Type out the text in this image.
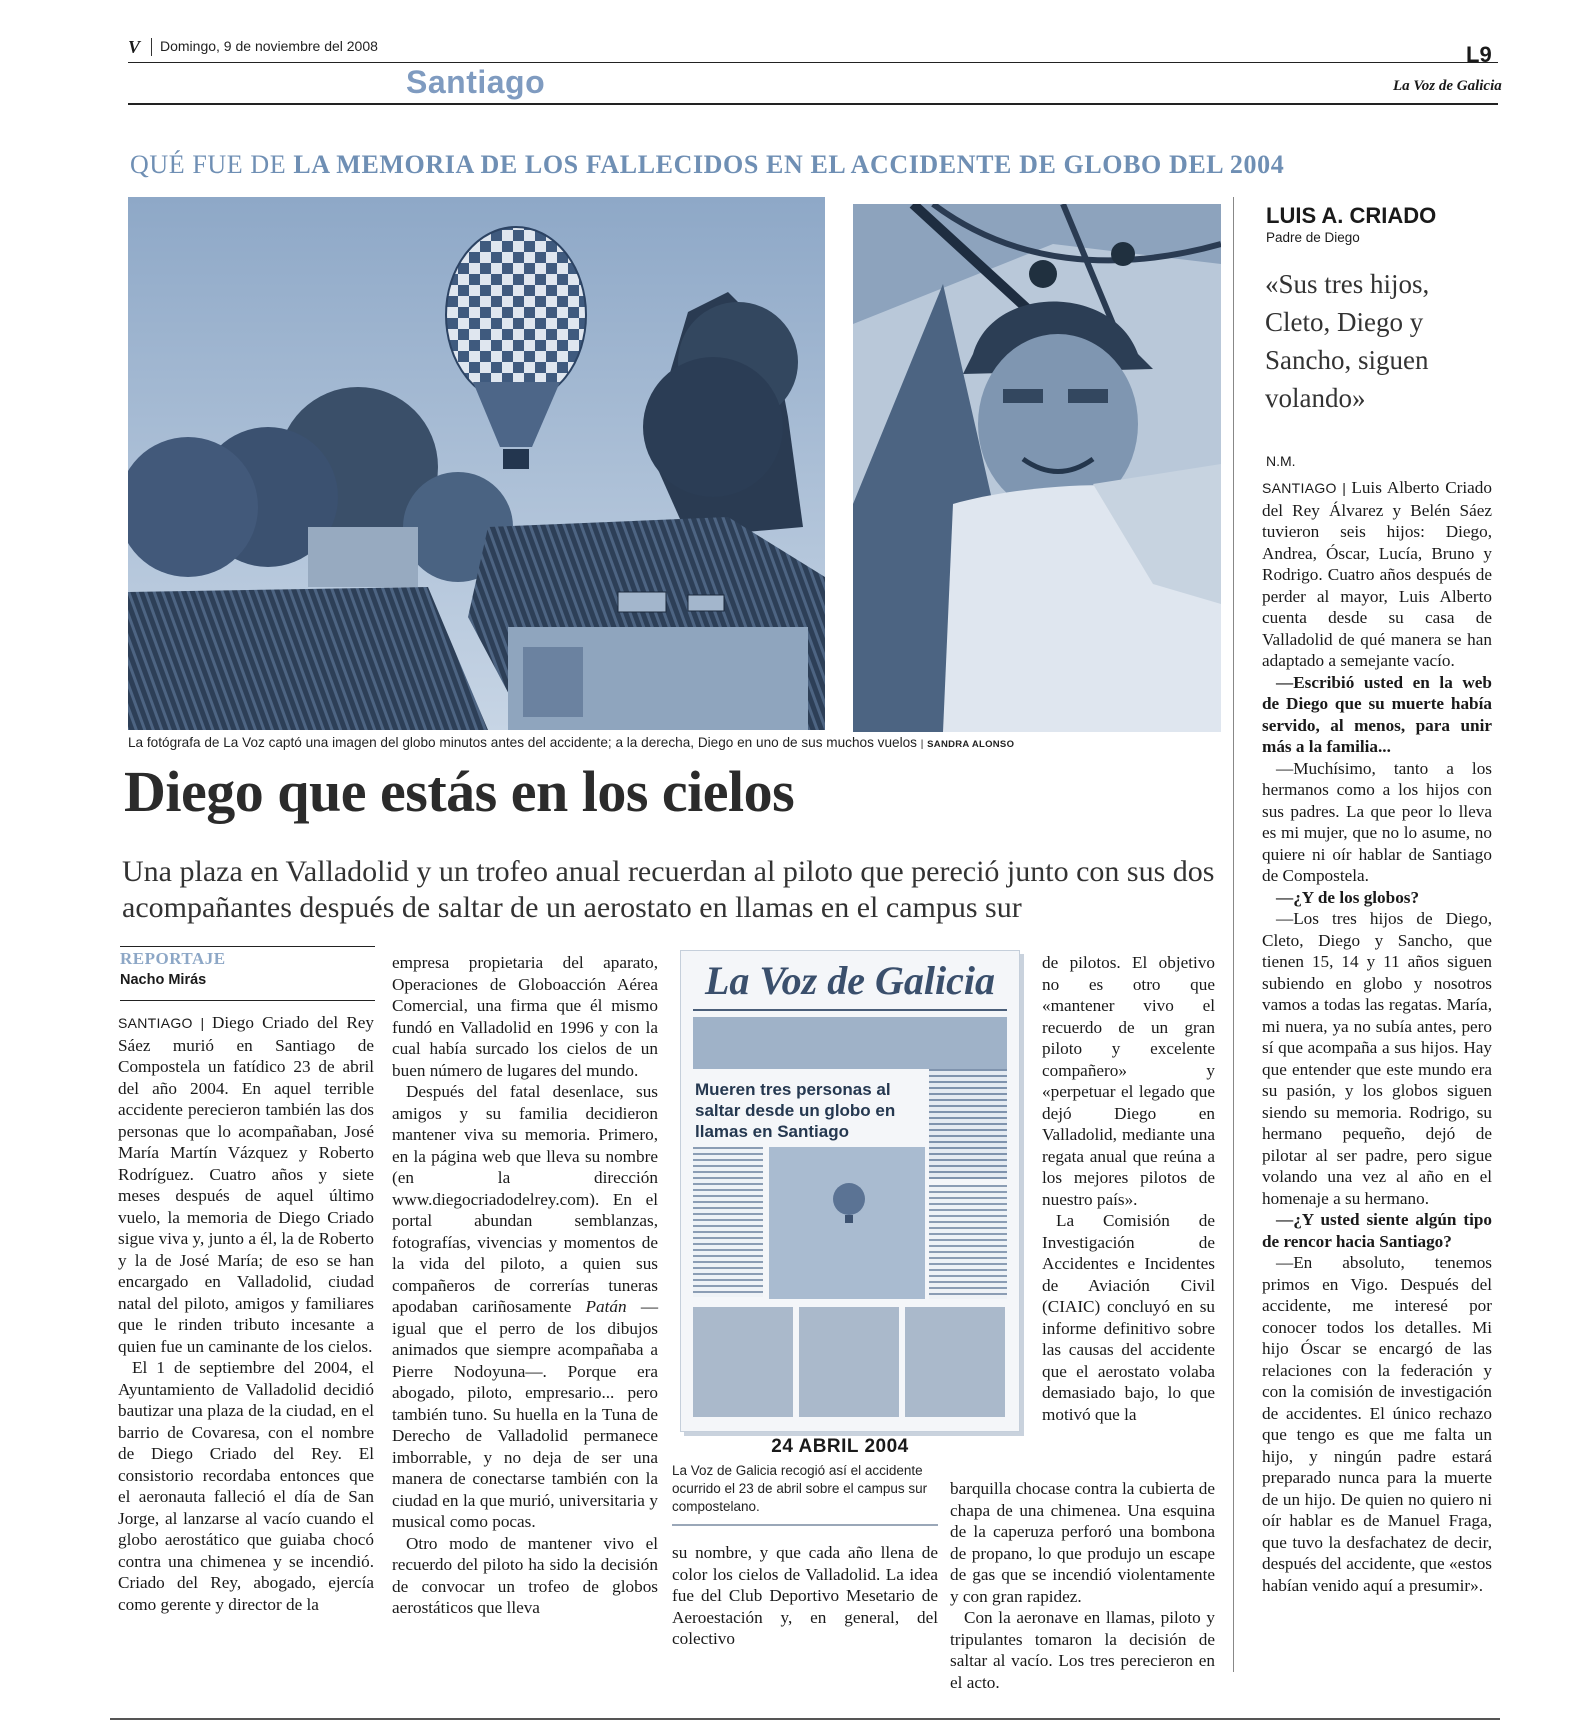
V Domingo, 9 de noviembre del 2008	L9
Santiago	La Voz de Galicia
QUÉ FUE DE LA MEMORIA DE LOS FALLECIDOS EN EL ACCIDENTE DE GLOBO DEL 2004
La fotógrafa de La Voz captó una imagen del globo minutos antes del accidente; a la derecha, Diego en uno de sus muchos vuelos | SANDRA ALONSO
Diego que estás en los cielos
Una plaza en Valladolid y un trofeo anual recuerdan al piloto que pereció junto con sus dos acompañantes después de saltar de un aerostato en llamas en el campus sur
REPORTAJE
Nacho Mirás

SANTIAGO | Diego Criado del Rey Sáez murió en Santiago de Compostela un fatídico 23 de abril del año 2004. En aquel terrible accidente perecieron también las dos personas que lo acompañaban, José María Martín Vázquez y Roberto Rodríguez. Cuatro años y siete meses después de aquel último vuelo, la memoria de Diego Criado sigue viva y, junto a él, la de Roberto y la de José María; de eso se han encargado en Valladolid, ciudad natal del piloto, amigos y familiares que le rinden tributo incesante a quien fue un caminante de los cielos.

El 1 de septiembre del 2004, el Ayuntamiento de Valladolid decidió bautizar una plaza de la ciudad, en el barrio de Covaresa, con el nombre de Diego Criado del Rey. El consistorio recordaba entonces que el aeronauta falleció el día de San Jorge, al lanzarse al vacío cuando el globo aerostático que guiaba chocó contra una chimenea y se incendió. Criado del Rey, abogado, ejercía como gerente y director de la

empresa propietaria del aparato, Operaciones de Globoacción Aérea Comercial, una firma que él mismo fundó en Valladolid en 1996 y con la cual había surcado los cielos de un buen número de lugares del mundo.

Después del fatal desenlace, sus amigos y su familia decidieron mantener viva su memoria. Primero, en la página web que lleva su nombre (en la dirección www.diegocriadodelrey.com). En el portal abundan semblanzas, fotografías, vivencias y momentos de la vida del piloto, a quien sus compañeros de correrías tuneras apodaban cariñosamente Patán —igual que el perro de los dibujos animados que siempre acompañaba a Pierre Nodoyuna—. Porque era abogado, piloto, empresario... pero también tuno. Su huella en la Tuna de Derecho de Valladolid permanece imborrable, y no deja de ser una manera de conectarse también con la ciudad en la que murió, universitaria y musical como pocas.

Otro modo de mantener vivo el recuerdo del piloto ha sido la decisión de convocar un trofeo de globos aerostáticos que lleva

La Voz de Galicia
Mueren tres personas al saltar desde un globo en llamas en Santiago
24 ABRIL 2004
La Voz de Galicia recogió así el accidente ocurrido el 23 de abril sobre el campus sur compostelano.

su nombre, y que cada año llena de color los cielos de Valladolid. La idea fue del Club Deportivo Mesetario de Aeroestación y, en general, del colectivo

de pilotos. El objetivo no es otro que «mantener vivo el recuerdo de un gran piloto y excelente compañero» y «perpetuar el legado que dejó Diego en Valladolid, mediante una regata anual que reúna a los mejores pilotos de nuestro país».

La Comisión de Investigación de Accidentes e Incidentes de Aviación Civil (CIAIC) concluyó en su informe definitivo sobre las causas del accidente que el aerostato volaba demasiado bajo, lo que motivó que la

barquilla chocase contra la cubierta de chapa de una chimenea. Una esquina de la caperuza perforó una bombona de propano, lo que produjo un escape de gas que se incendió violentamente y con gran rapidez.

Con la aeronave en llamas, piloto y tripulantes tomaron la decisión de saltar al vacío. Los tres perecieron en el acto.

LUIS A. CRIADO
Padre de Diego
«Sus tres hijos, Cleto, Diego y Sancho, siguen volando»
N.M.

SANTIAGO | Luis Alberto Criado del Rey Álvarez y Belén Sáez tuvieron seis hijos: Diego, Andrea, Óscar, Lucía, Bruno y Rodrigo. Cuatro años después de perder al mayor, Luis Alberto cuenta desde su casa de Valladolid de qué manera se han adaptado a semejante vacío.

—Escribió usted en la web de Diego que su muerte había servido, al menos, para unir más a la familia...

—Muchísimo, tanto a los hermanos como a los hijos con sus padres. La que peor lo lleva es mi mujer, que no lo asume, no quiere ni oír hablar de Santiago de Compostela.

—¿Y de los globos?

—Los tres hijos de Diego, Cleto, Diego y Sancho, que tienen 15, 14 y 11 años siguen subiendo en globo y nosotros vamos a todas las regatas. María, mi nuera, ya no subía antes, pero sí que acompaña a sus hijos. Hay que entender que este mundo era su pasión, y los globos siguen siendo su memoria. Rodrigo, su hermano pequeño, dejó de pilotar al ser padre, pero sigue volando una vez al año en el homenaje a su hermano.

—¿Y usted siente algún tipo de rencor hacia Santiago?

—En absoluto, tenemos primos en Vigo. Después del accidente, me interesé por conocer todos los detalles. Mi hijo Óscar se encargó de las relaciones con la federación y con la comisión de investigación de accidentes. El único rechazo que tengo es que me falta un hijo, y ningún padre estará preparado nunca para la muerte de un hijo. De quien no quiero ni oír hablar es de Manuel Fraga, que tuvo la desfachatez de decir, después del accidente, que «estos habían venido aquí a presumir».
